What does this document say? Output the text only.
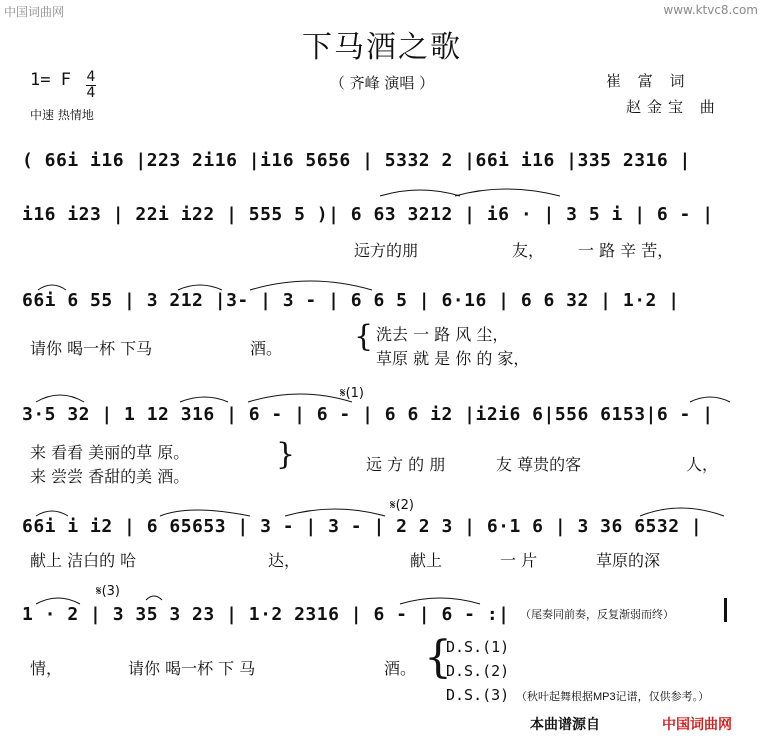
中国词曲网	www.ktvc8.com
下马酒之歌
（ 齐峰 演唱 ）	崔 富 词
赵金宝 曲
1= F 4
4
中速 热情地
( 66i i16 |223 2i16 |i16 5656 | 5332 2 |66i i16 |335 2316 |
i16 i23 | 22i i22 | 555 5 )| 6 63 3212 | i6 · | 3 5 i | 6 - |
66i 6 55 | 3 212 |3- | 3 - | 6 6 5 | 6·16 | 6 6 32 | 1·2 |
3·5 32 | 1 12 316 | 6 - | 6 - | 6 6 i2 |i2i6 6|556 6153|6 - |
66i i i2 | 6 65653 | 3 - | 3 - | 2 2 3 | 6·1 6 | 3 36 6532 |
1 · 2 | 3 35 3 23 | 1·2 2316 | 6 - | 6 - :|
𝄋(1)
𝄋(2)
𝄋(3)
远方的朋	友， 一 路 辛 苦，
请你 喝一杯 下马	酒。 { 洗去 一 路 风 尘，
草原 就 是 你 的 家，
来 看看 美丽的草 原。
来 尝尝 香甜的美 酒。
}	远 方 的 朋	友 尊贵的客	人，
献上 洁白的 哈	达，	献上	一 片	草原的深
情，	请你 喝一杯 下 马	酒。
（尾奏同前奏，反复渐弱而终）
{
D.S.(1)
D.S.(2)
D.S.(3) （秋叶起舞根据MP3记谱，仅供参考。）
本曲谱源自	中国词曲网
